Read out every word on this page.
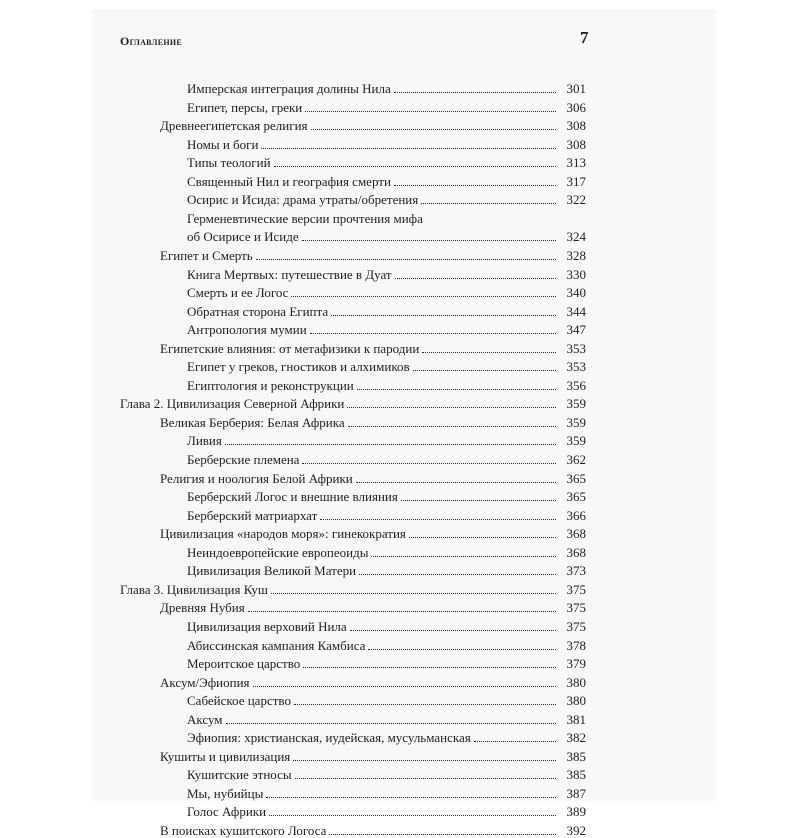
Оглавление	7
Имперская интеграция долины Нила	301
Египет, персы, греки	306
Древнеегипетская религия	308
Номы и боги	308
Типы теологий	313
Священный Нил и география смерти	317
Осирис и Исида: драма утраты/обретения	322
Герменевтические версии прочтения мифа
об Осирисе и Исиде	324
Египет и Смерть	328
Книга Мертвых: путешествие в Дуат	330
Смерть и ее Логос	340
Обратная сторона Египта	344
Антропология мумии	347
Египетские влияния: от метафизики к пародии	353
Египет у греков, гностиков и алхимиков	353
Египтология и реконструкции	356
Глава 2. Цивилизация Северной Африки	359
Великая Берберия: Белая Африка	359
Ливия	359
Берберские племена	362
Религия и ноология Белой Африки	365
Берберский Логос и внешние влияния	365
Берберский матриархат	366
Цивилизация «народов моря»: гинекократия	368
Неиндоевропейские европеоиды	368
Цивилизация Великой Матери	373
Глава 3. Цивилизация Куш	375
Древняя Нубия	375
Цивилизация верховий Нила	375
Абиссинская кампания Камбиса	378
Мероитское царство	379
Аксум/Эфиопия	380
Сабейское царство	380
Аксум	381
Эфиопия: христианская, иудейская, мусульманская	382
Кушиты и цивилизация	385
Кушитские этносы	385
Мы, нубийцы	387
Голос Африки	389
В поисках кушитского Логоса	392
